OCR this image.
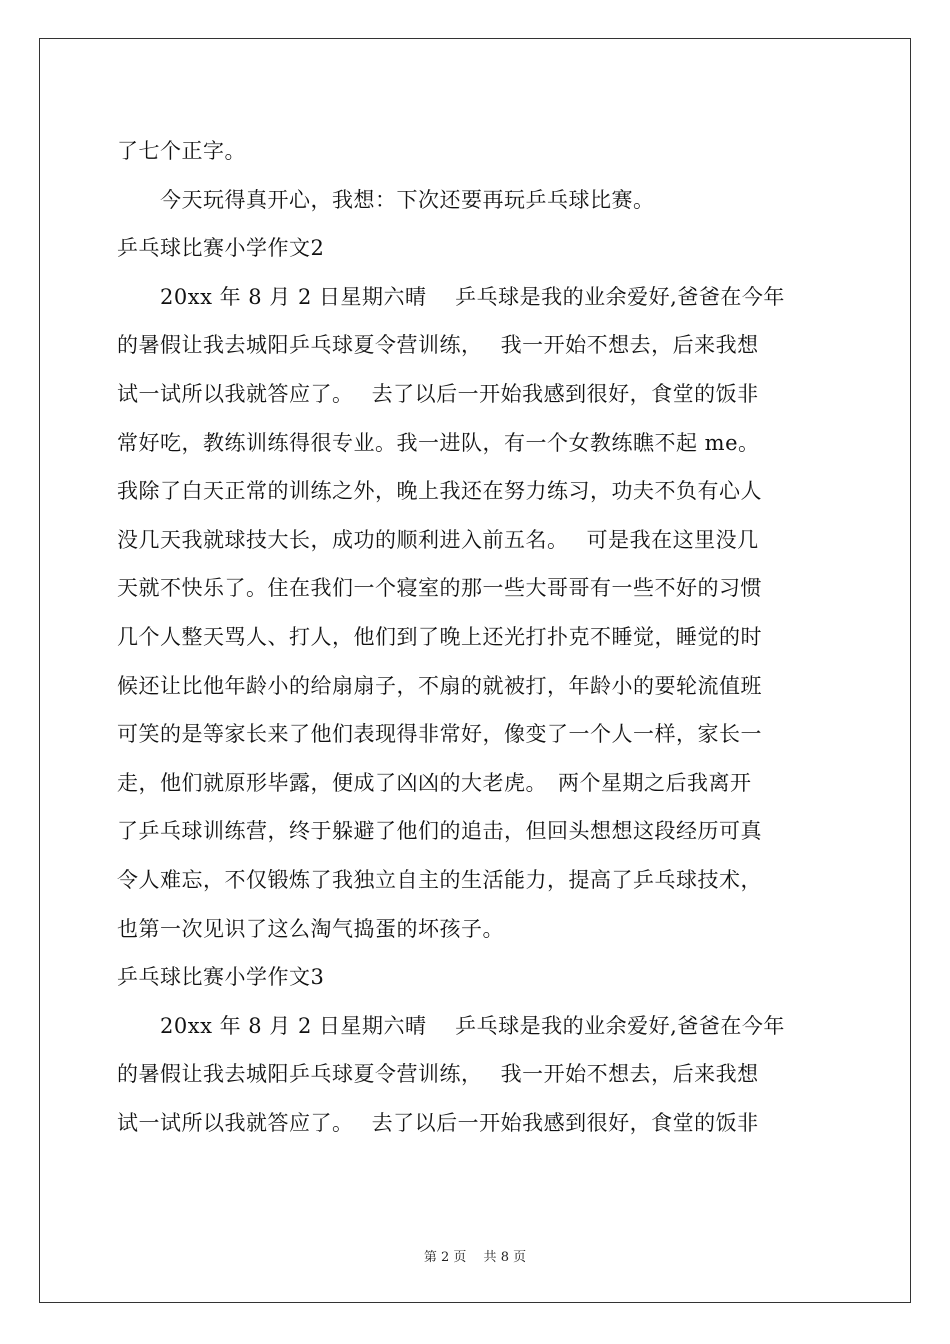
了七个正字。
　　今天玩得真开心，我想：下次还要再玩乒乓球比赛。
乒乓球比赛小学作文2
　　20xx 年 8 月 2 日星期六晴　 乒乓球是我的业余爱好,爸爸在今年
的暑假让我去城阳乒乓球夏令营训练，　 我一开始不想去，后来我想
试一试所以我就答应了。　 去了以后一开始我感到很好，食堂的饭非
常好吃，教练训练得很专业。我一进队，有一个女教练瞧不起 me。
我除了白天正常的训练之外，晚上我还在努力练习，功夫不负有心人
没几天我就球技大长，成功的顺利进入前五名。　 可是我在这里没几
天就不快乐了。住在我们一个寝室的那一些大哥哥有一些不好的习惯
几个人整天骂人、打人，他们到了晚上还光打扑克不睡觉，睡觉的时
候还让比他年龄小的给扇扇子，不扇的就被打，年龄小的要轮流值班
可笑的是等家长来了他们表现得非常好，像变了一个人一样，家长一
走，他们就原形毕露，便成了凶凶的大老虎。　两个星期之后我离开
了乒乓球训练营，终于躲避了他们的追击，但回头想想这段经历可真
令人难忘，不仅锻炼了我独立自主的生活能力，提高了乒乓球技术，
也第一次见识了这么淘气捣蛋的坏孩子。
乒乓球比赛小学作文3
　　20xx 年 8 月 2 日星期六晴　 乒乓球是我的业余爱好,爸爸在今年
的暑假让我去城阳乒乓球夏令营训练，　 我一开始不想去，后来我想
试一试所以我就答应了。　 去了以后一开始我感到很好，食堂的饭非
第 2 页　 共 8 页
